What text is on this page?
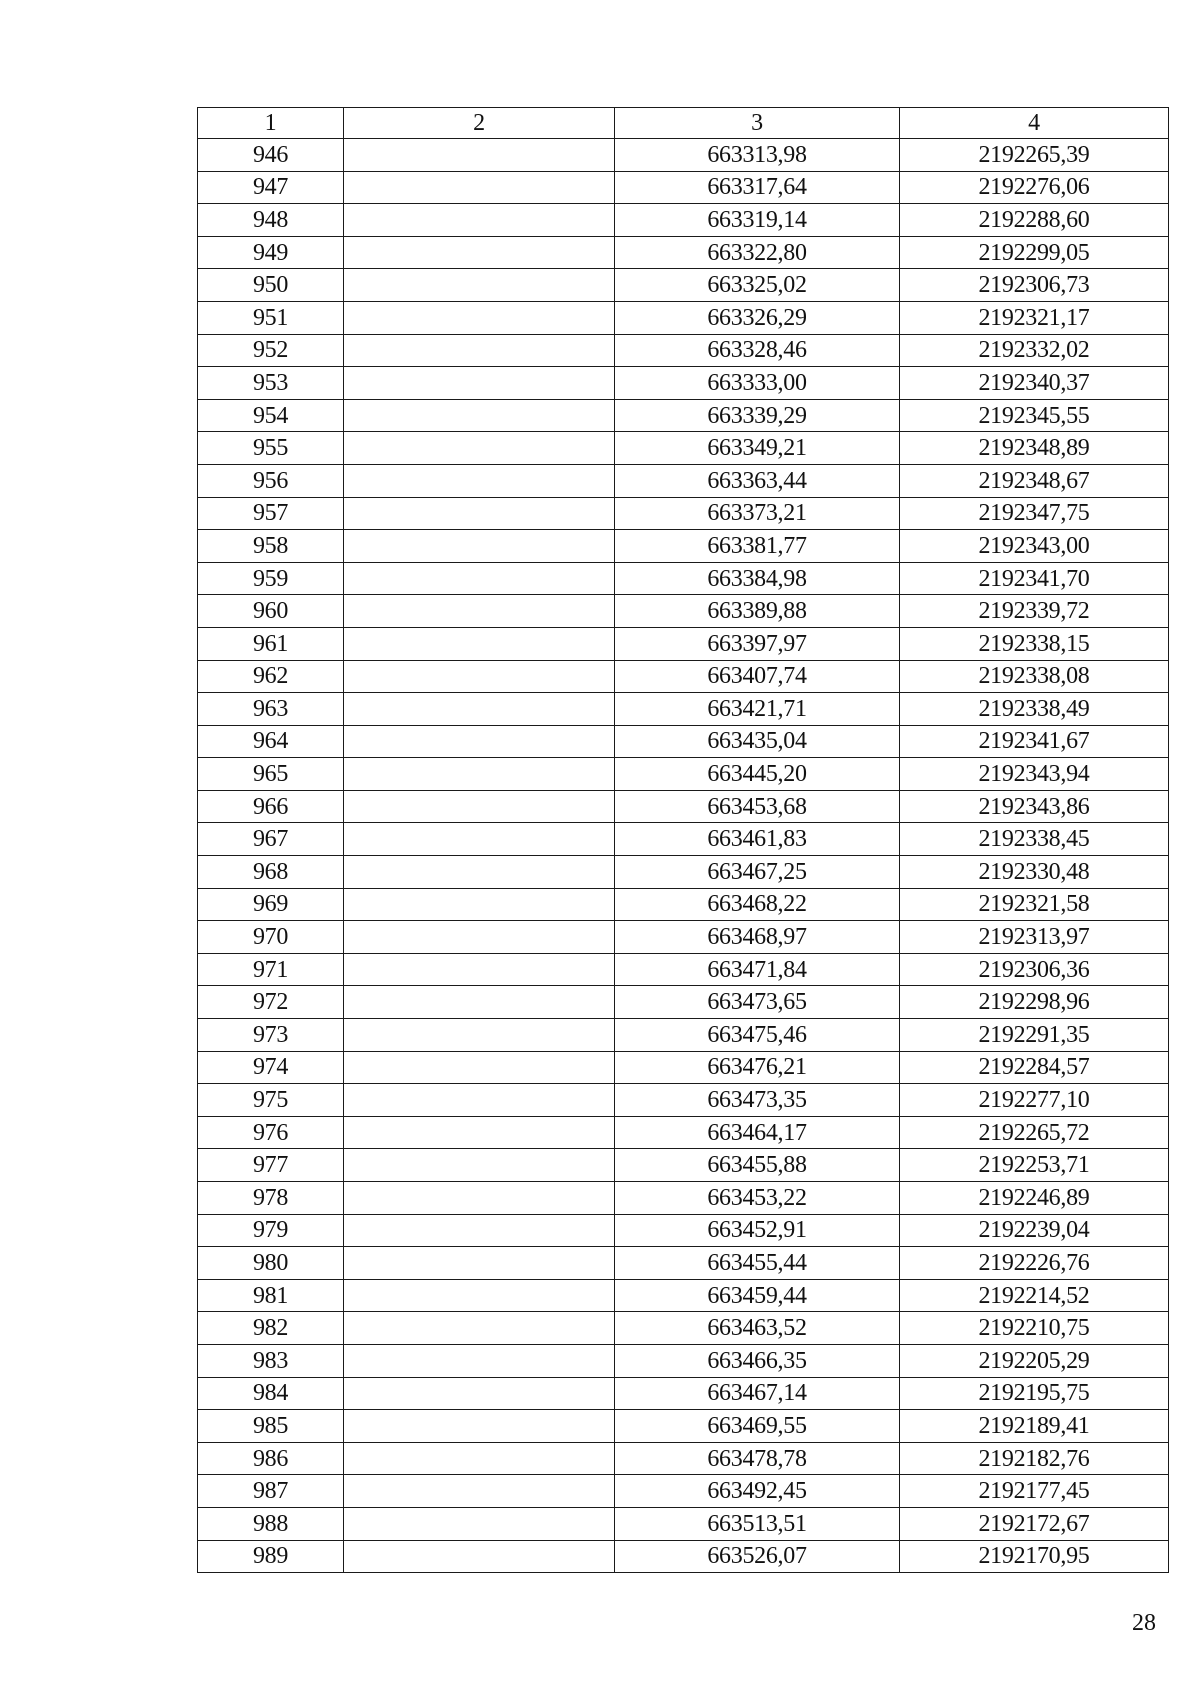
1	2	3	4
946		663313,98	2192265,39
947		663317,64	2192276,06
948		663319,14	2192288,60
949		663322,80	2192299,05
950		663325,02	2192306,73
951		663326,29	2192321,17
952		663328,46	2192332,02
953		663333,00	2192340,37
954		663339,29	2192345,55
955		663349,21	2192348,89
956		663363,44	2192348,67
957		663373,21	2192347,75
958		663381,77	2192343,00
959		663384,98	2192341,70
960		663389,88	2192339,72
961		663397,97	2192338,15
962		663407,74	2192338,08
963		663421,71	2192338,49
964		663435,04	2192341,67
965		663445,20	2192343,94
966		663453,68	2192343,86
967		663461,83	2192338,45
968		663467,25	2192330,48
969		663468,22	2192321,58
970		663468,97	2192313,97
971		663471,84	2192306,36
972		663473,65	2192298,96
973		663475,46	2192291,35
974		663476,21	2192284,57
975		663473,35	2192277,10
976		663464,17	2192265,72
977		663455,88	2192253,71
978		663453,22	2192246,89
979		663452,91	2192239,04
980		663455,44	2192226,76
981		663459,44	2192214,52
982		663463,52	2192210,75
983		663466,35	2192205,29
984		663467,14	2192195,75
985		663469,55	2192189,41
986		663478,78	2192182,76
987		663492,45	2192177,45
988		663513,51	2192172,67
989		663526,07	2192170,95
28
